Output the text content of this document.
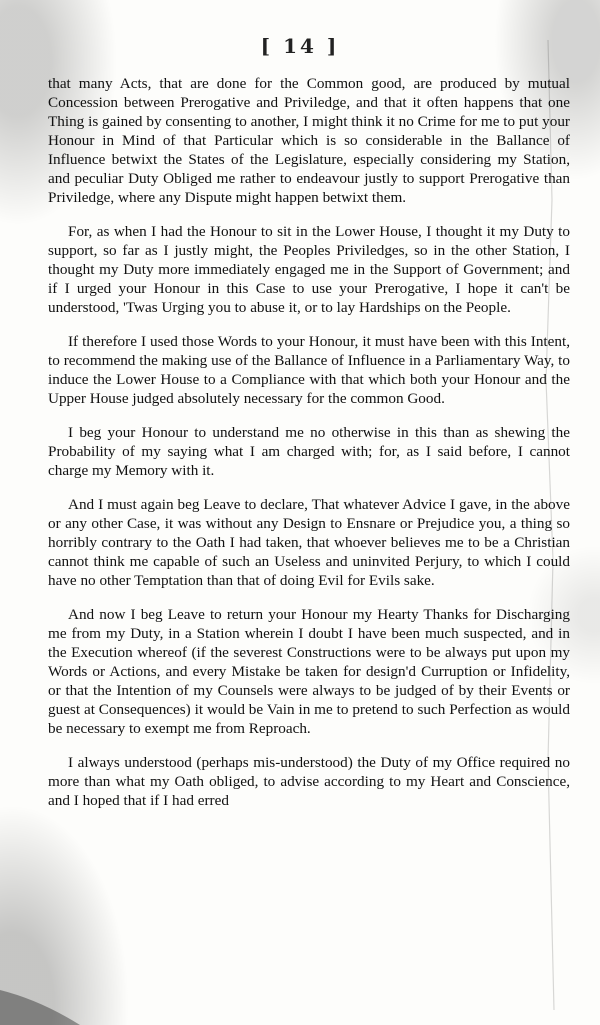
[ 14 ]

that many Acts, that are done for the Common good, are produced by mutual Concession between Prerogative and Priviledge, and that it often happens that one Thing is gained by consenting to another, I might think it no Crime for me to put your Honour in Mind of that Particular which is so considerable in the Ballance of Influence betwixt the States of the Legislature, especially considering my Station, and peculiar Duty Obliged me rather to endeavour justly to support Prerogative than Priviledge, where any Dispute might happen betwixt them.

For, as when I had the Honour to sit in the Lower House, I thought it my Duty to support, so far as I justly might, the Peoples Priviledges, so in the other Station, I thought my Duty more immediately engaged me in the Support of Government; and if I urged your Honour in this Case to use your Prerogative, I hope it can't be understood, 'Twas Urging you to abuse it, or to lay Hardships on the People.

If therefore I used those Words to your Honour, it must have been with this Intent, to recommend the making use of the Ballance of Influence in a Parliamentary Way, to induce the Lower House to a Compliance with that which both your Honour and the Upper House judged absolutely necessary for the common Good.

I beg your Honour to understand me no otherwise in this than as shewing the Probability of my saying what I am charged with; for, as I said before, I cannot charge my Memory with it.

And I must again beg Leave to declare, That whatever Advice I gave, in the above or any other Case, it was without any Design to Ensnare or Prejudice you, a thing so horribly contrary to the Oath I had taken, that whoever believes me to be a Christian cannot think me capable of such an Useless and uninvited Perjury, to which I could have no other Temptation than that of doing Evil for Evils sake.

And now I beg Leave to return your Honour my Hearty Thanks for Discharging me from my Duty, in a Station wherein I doubt I have been much suspected, and in the Execution whereof (if the severest Constructions were to be always put upon my Words or Actions, and every Mistake be taken for design'd Curruption or Infidelity, or that the Intention of my Counsels were always to be judged of by their Events or guest at Consequences) it would be Vain in me to pretend to such Perfection as would be necessary to exempt me from Reproach.

I always understood (perhaps mis-understood) the Duty of my Office required no more than what my Oath obliged, to advise according to my Heart and Conscience, and I hoped that if I had erred
